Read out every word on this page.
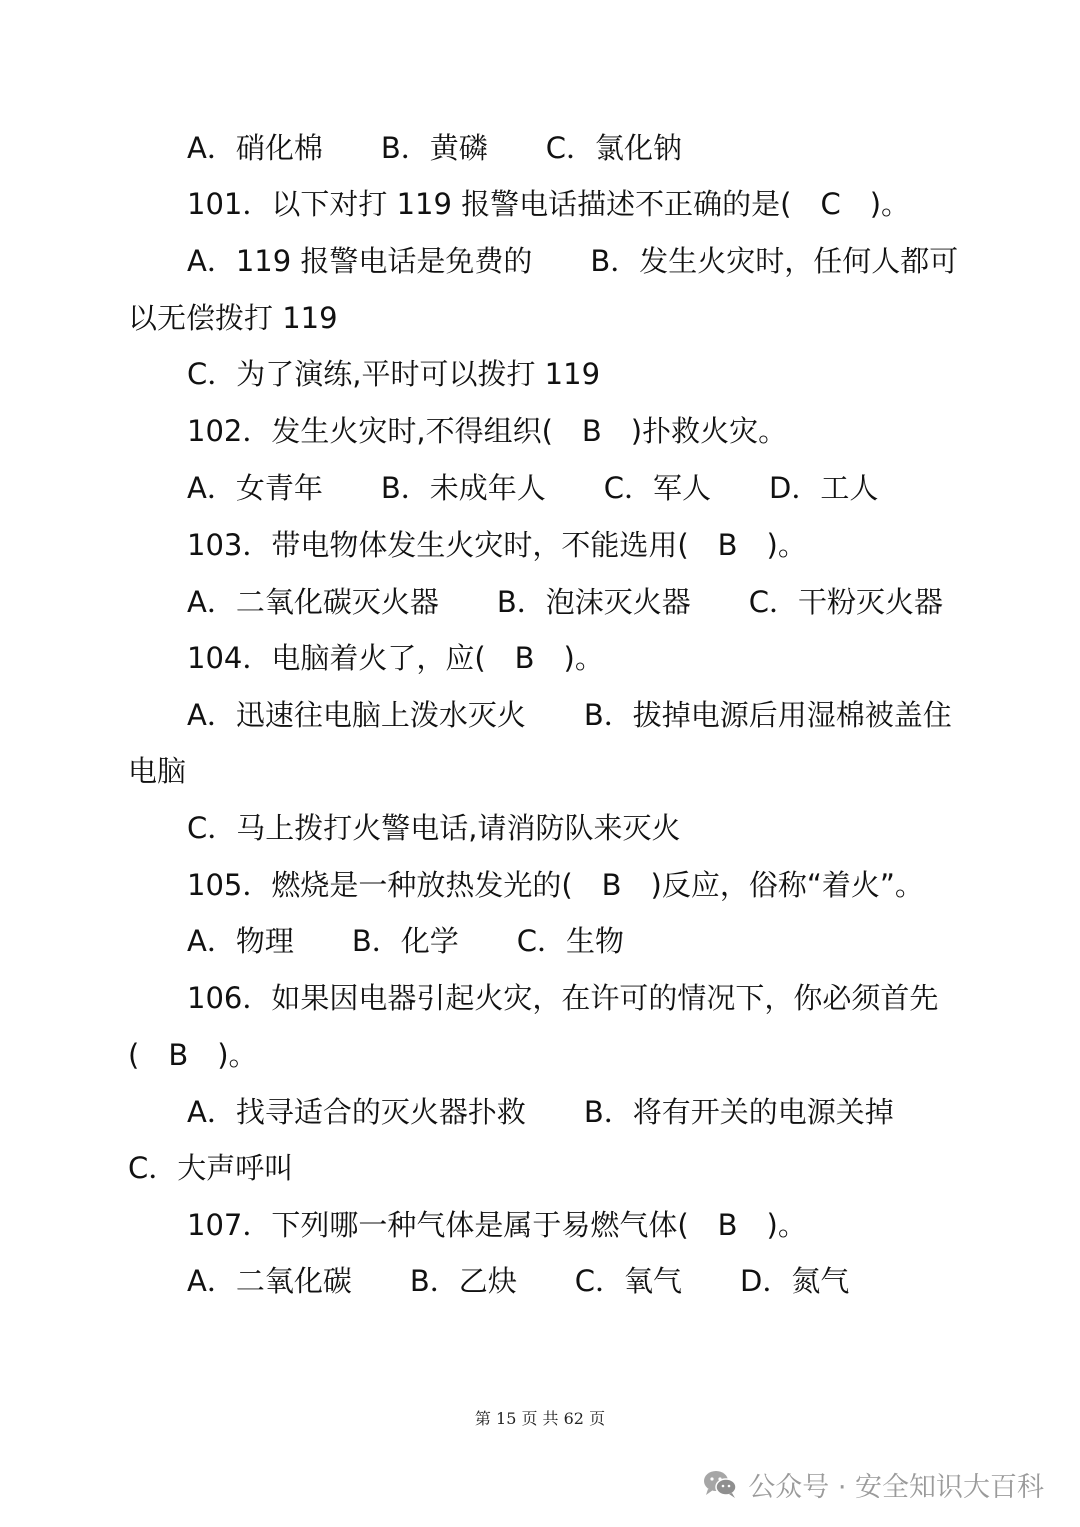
A．硝化棉　　B．黄磷　　C．氯化钠
101．以下对打 119 报警电话描述不正确的是(　C　)。
A．119 报警电话是免费的　　B．发生火灾时，任何人都可
以无偿拨打 119
C．为了演练,平时可以拨打 119
102．发生火灾时,不得组织(　B　)扑救火灾。
A．女青年　　B．未成年人　　C．军人　　D．工人
103．带电物体发生火灾时，不能选用(　B　)。
A．二氧化碳灭火器　　B．泡沫灭火器　　C．干粉灭火器
104．电脑着火了，应(　B　)。
A．迅速往电脑上泼水灭火　　B．拔掉电源后用湿棉被盖住
电脑
C．马上拨打火警电话,请消防队来灭火
105．燃烧是一种放热发光的(　B　)反应，俗称“着火”。
A．物理　　B．化学　　C．生物
106．如果因电器引起火灾，在许可的情况下，你必须首先
(　B　)。
A．找寻适合的灭火器扑救　　B．将有开关的电源关掉
C．大声呼叫
107．下列哪一种气体是属于易燃气体(　B　)。
A．二氧化碳　　B．乙炔　　C．氧气　　D．氮气
第 15 页 共 62 页
公众号 · 安全知识大百科
